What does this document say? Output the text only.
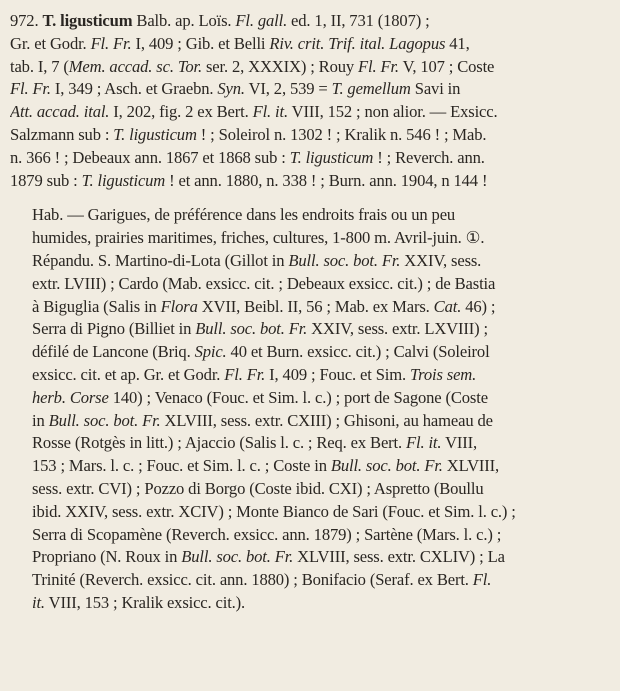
972. T. ligusticum Balb. ap. Loïs. Fl. gall. ed. 1, II, 731 (1807) ;
Gr. et Godr. Fl. Fr. I, 409 ; Gib. et Belli Riv. crit. Trif. ital. Lagopus 41,
tab. I, 7 (Mem. accad. sc. Tor. ser. 2, XXXIX) ; Rouy Fl. Fr. V, 107 ; Coste
Fl. Fr. I, 349 ; Asch. et Graebn. Syn. VI, 2, 539 = T. gemellum Savi in
Att. accad. ital. I, 202, fig. 2 ex Bert. Fl. it. VIII, 152 ; non alior. — Exsicc.
Salzmann sub : T. ligusticum ! ; Soleirol n. 1302 ! ; Kralik n. 546 ! ; Mab.
n. 366 ! ; Debeaux ann. 1867 et 1868 sub : T. ligusticum ! ; Reverch. ann.
1879 sub : T. ligusticum ! et ann. 1880, n. 338 ! ; Burn. ann. 1904, n 144 !
Hab. — Garigues, de préférence dans les endroits frais ou un peu
humides, prairies maritimes, friches, cultures, 1-800 m. Avril-juin. ①.
Répandu. S. Martino-di-Lota (Gillot in Bull. soc. bot. Fr. XXIV, sess.
extr. LVIII) ; Cardo (Mab. exsicc. cit. ; Debeaux exsicc. cit.) ; de Bastia
à Biguglia (Salis in Flora XVII, Beibl. II, 56 ; Mab. ex Mars. Cat. 46) ;
Serra di Pigno (Billiet in Bull. soc. bot. Fr. XXIV, sess. extr. LXVIII) ;
défilé de Lancone (Briq. Spic. 40 et Burn. exsicc. cit.) ; Calvi (Soleirol
exsicc. cit. et ap. Gr. et Godr. Fl. Fr. I, 409 ; Fouc. et Sim. Trois sem.
herb. Corse 140) ; Venaco (Fouc. et Sim. l. c.) ; port de Sagone (Coste
in Bull. soc. bot. Fr. XLVIII, sess. extr. CXIII) ; Ghisoni, au hameau de
Rosse (Rotgès in litt.) ; Ajaccio (Salis l. c. ; Req. ex Bert. Fl. it. VIII,
153 ; Mars. l. c. ; Fouc. et Sim. l. c. ; Coste in Bull. soc. bot. Fr. XLVIII,
sess. extr. CVI) ; Pozzo di Borgo (Coste ibid. CXI) ; Aspretto (Boullu
ibid. XXIV, sess. extr. XCIV) ; Monte Bianco de Sari (Fouc. et Sim. l. c.) ;
Serra di Scopamène (Reverch. exsicc. ann. 1879) ; Sartène (Mars. l. c.) ;
Propriano (N. Roux in Bull. soc. bot. Fr. XLVIII, sess. extr. CXLIV) ; La
Trinité (Reverch. exsicc. cit. ann. 1880) ; Bonifacio (Seraf. ex Bert. Fl.
it. VIII, 153 ; Kralik exsicc. cit.).
